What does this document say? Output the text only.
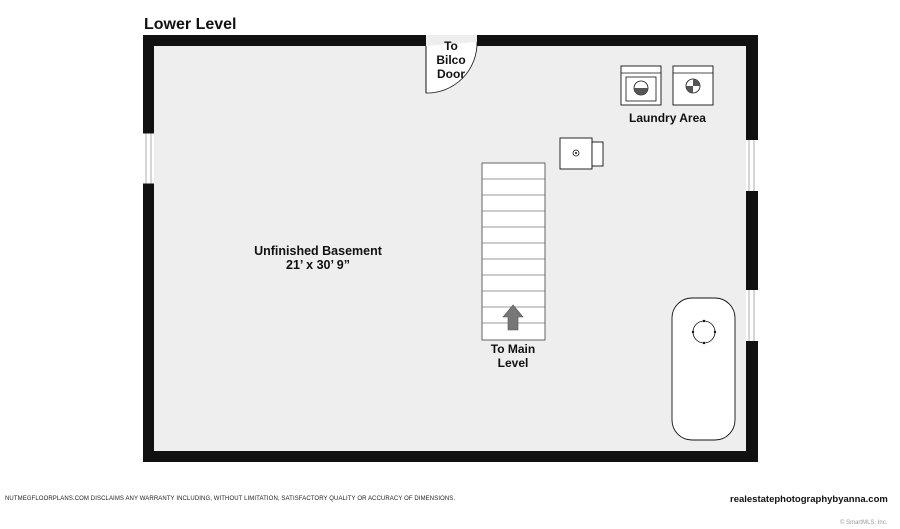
Lower Level
To
Bilco
Door
Laundry Area
Unfinished Basement
21’ x 30’ 9”
To Main
Level
NUTMEGFLOORPLANS.COM DISCLAIMS ANY WARRANTY INCLUDING, WITHOUT LIMITATION, SATISFACTORY QUALITY OR ACCURACY OF DIMENSIONS.	realestatephotographybyanna.com
© SmartMLS, Inc.
